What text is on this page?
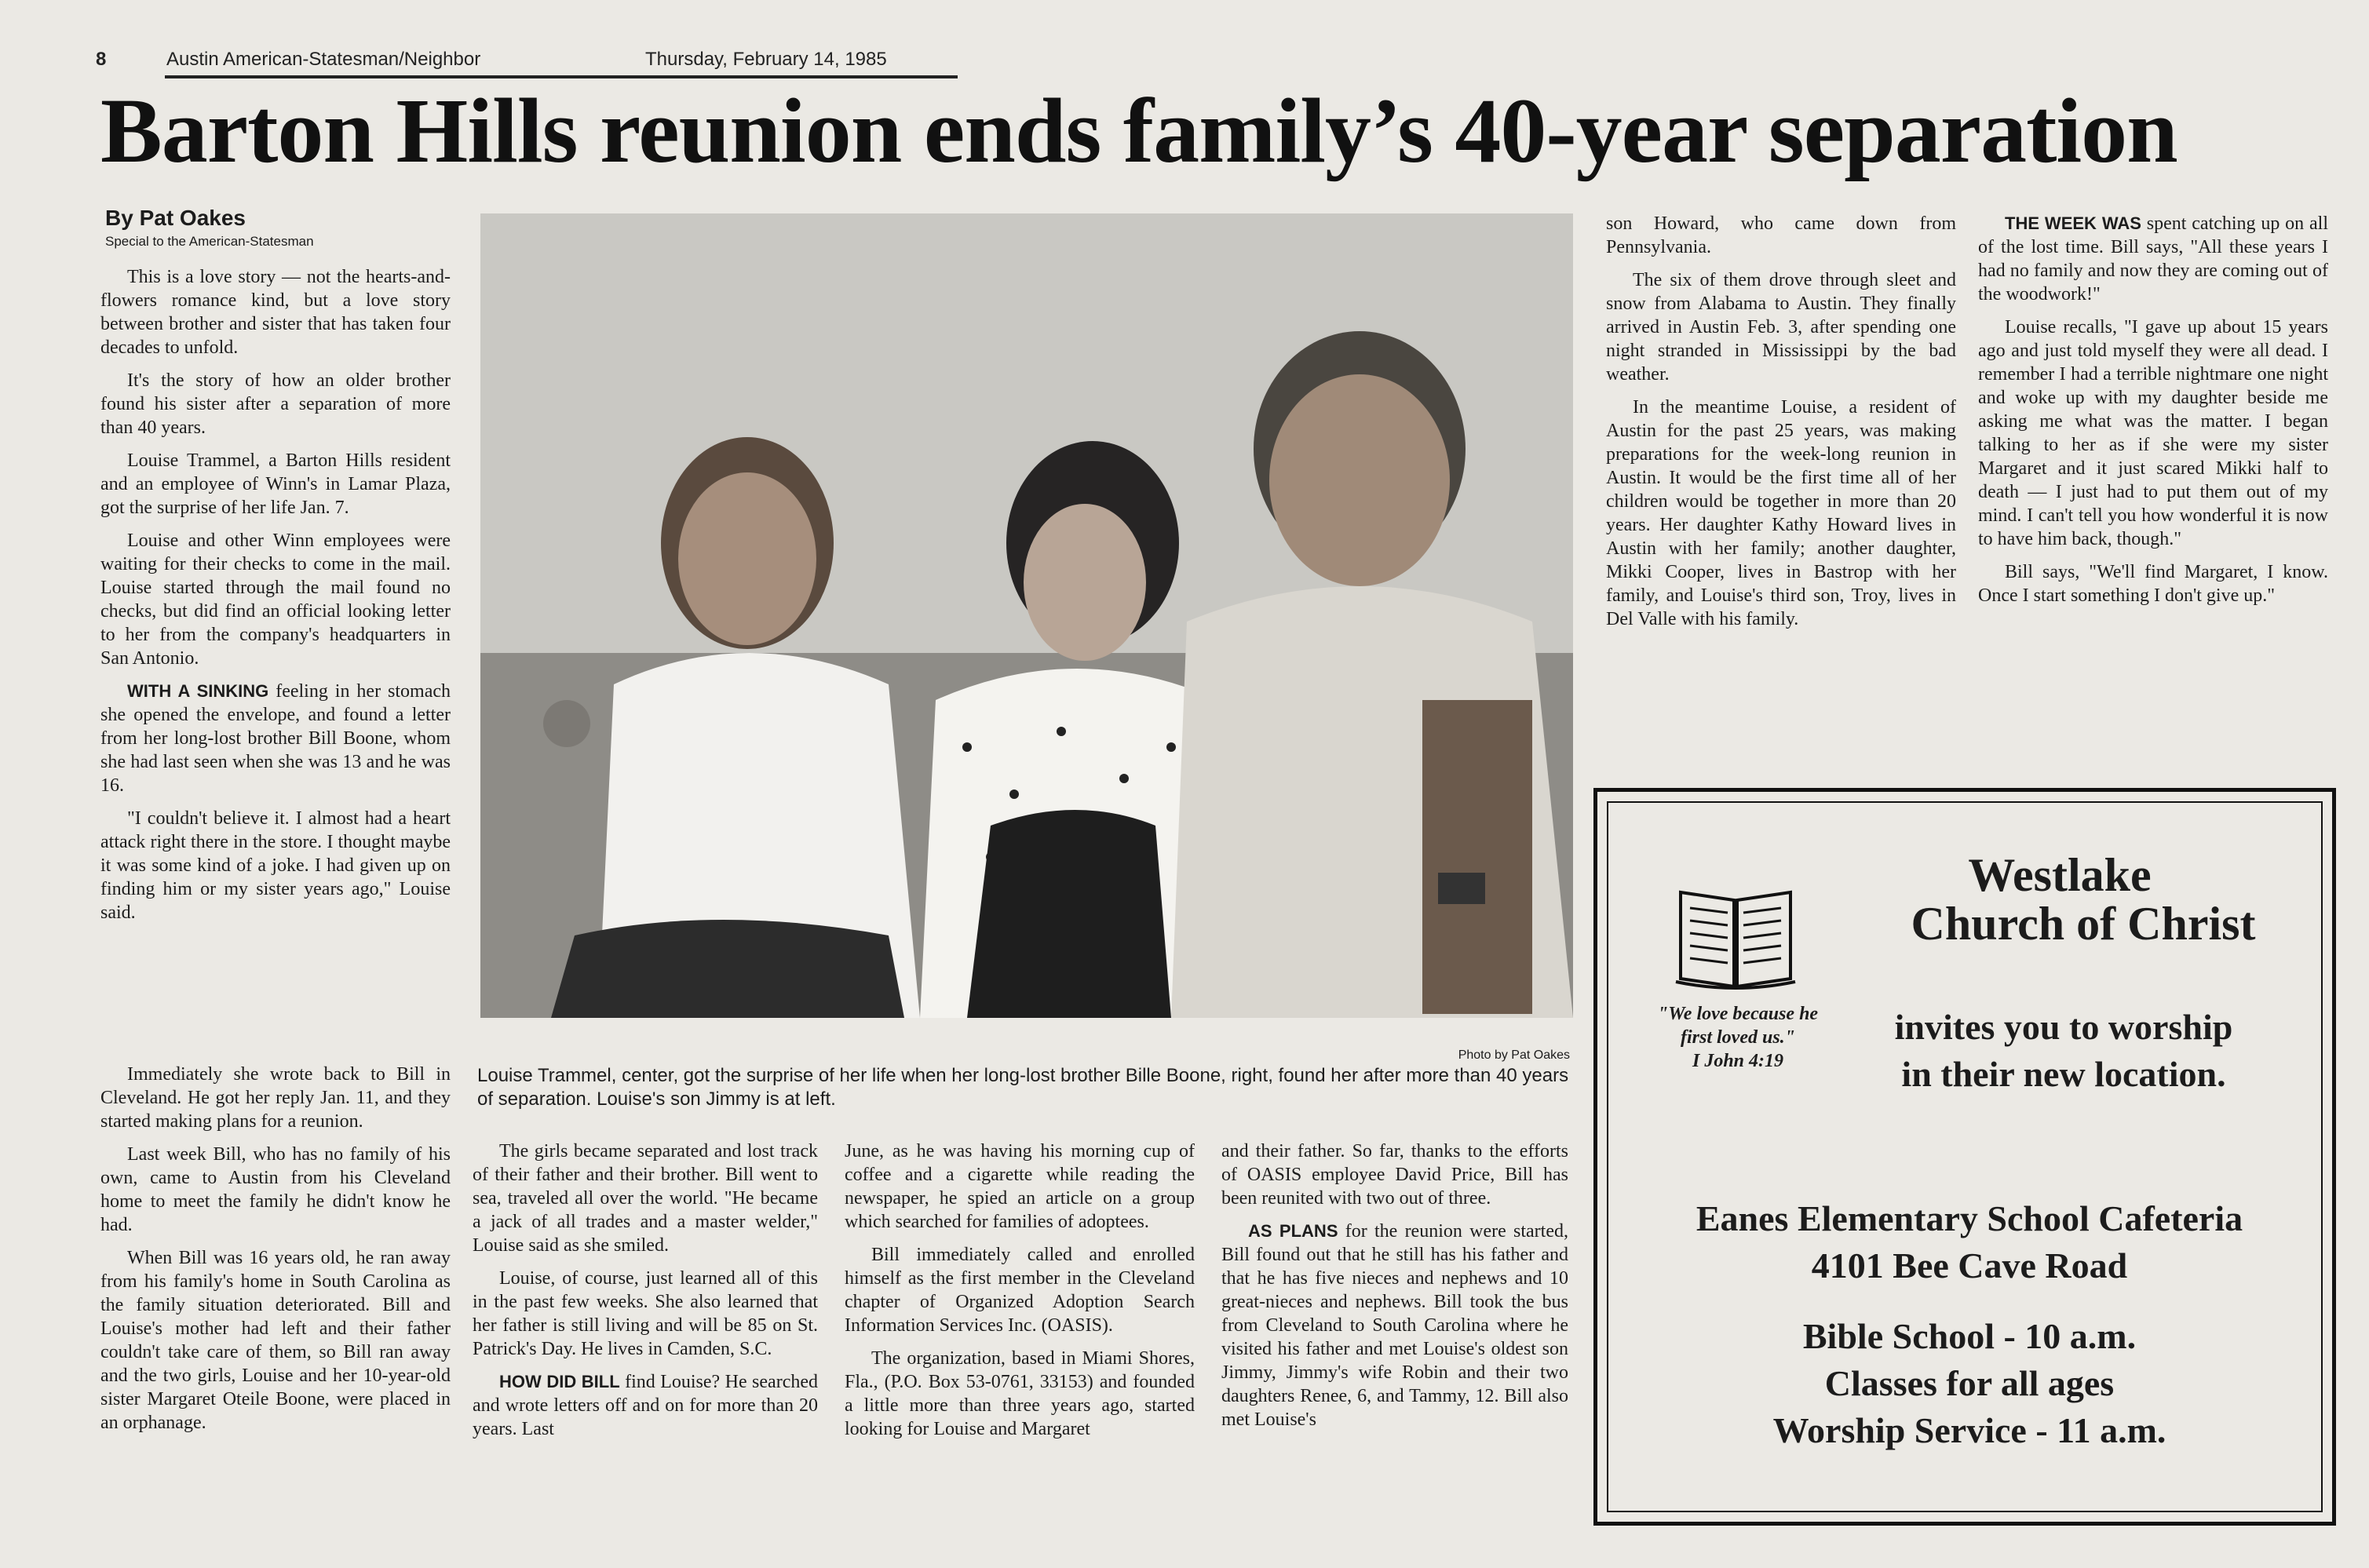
8	Austin American-Statesman/Neighbor	Thursday, February 14, 1985
Barton Hills reunion ends family’s 40-year separation
By Pat Oakes
Special to the American-Statesman

This is a love story — not the hearts-and-flowers romance kind, but a love story between brother and sister that has taken four decades to unfold.

It's the story of how an older brother found his sister after a separation of more than 40 years.

Louise Trammel, a Barton Hills resident and an employee of Winn's in Lamar Plaza, got the surprise of her life Jan. 7.

Louise and other Winn employees were waiting for their checks to come in the mail. Louise started through the mail found no checks, but did find an official looking letter to her from the company's headquarters in San Antonio.

WITH A SINKING feeling in her stomach she opened the envelope, and found a letter from her long-lost brother Bill Boone, whom she had last seen when she was 13 and he was 16.

"I couldn't believe it. I almost had a heart attack right there in the store. I thought maybe it was some kind of a joke. I had given up on finding him or my sister years ago," Louise said.

Immediately she wrote back to Bill in Cleveland. He got her reply Jan. 11, and they started making plans for a reunion.

Last week Bill, who has no family of his own, came to Austin from his Cleveland home to meet the family he didn't know he had.

When Bill was 16 years old, he ran away from his family's home in South Carolina as the family situation deteriorated. Bill and Louise's mother had left and their father couldn't take care of them, so Bill ran away and the two girls, Louise and her 10-year-old sister Margaret Oteile Boone, were placed in an orphanage.

Photo by Pat Oakes
Louise Trammel, center, got the surprise of her life when her long-lost brother Bille Boone, right, found her after more than 40 years of separation. Louise's son Jimmy is at left.

The girls became separated and lost track of their father and their brother. Bill went to sea, traveled all over the world. "He became a jack of all trades and a master welder," Louise said as she smiled.

Louise, of course, just learned all of this in the past few weeks. She also learned that her father is still living and will be 85 on St. Patrick's Day. He lives in Camden, S.C.

HOW DID BILL find Louise? He searched and wrote letters off and on for more than 20 years. Last

June, as he was having his morning cup of coffee and a cigarette while reading the newspaper, he spied an article on a group which searched for families of adoptees.

Bill immediately called and enrolled himself as the first member in the Cleveland chapter of Organized Adoption Search Information Services Inc. (OASIS).

The organization, based in Miami Shores, Fla., (P.O. Box 53-0761, 33153) and founded a little more than three years ago, started looking for Louise and Margaret

and their father. So far, thanks to the efforts of OASIS employee David Price, Bill has been reunited with two out of three.

AS PLANS for the reunion were started, Bill found out that he still has his father and that he has five nieces and nephews and 10 great-nieces and nephews. Bill took the bus from Cleveland to South Carolina where he visited his father and met Louise's oldest son Jimmy, Jimmy's wife Robin and their two daughters Renee, 6, and Tammy, 12. Bill also met Louise's

son Howard, who came down from Pennsylvania.

The six of them drove through sleet and snow from Alabama to Austin. They finally arrived in Austin Feb. 3, after spending one night stranded in Mississippi by the bad weather.

In the meantime Louise, a resident of Austin for the past 25 years, was making preparations for the week-long reunion in Austin. It would be the first time all of her children would be together in more than 20 years. Her daughter Kathy Howard lives in Austin with her family; another daughter, Mikki Cooper, lives in Bastrop with her family, and Louise's third son, Troy, lives in Del Valle with his family.

THE WEEK WAS spent catching up on all of the lost time. Bill says, "All these years I had no family and now they are coming out of the woodwork!"

Louise recalls, "I gave up about 15 years ago and just told myself they were all dead. I remember I had a terrible nightmare one night and woke up with my daughter beside me asking me what was the matter. I began talking to her as if she were my sister Margaret and it just scared Mikki half to death — I just had to put them out of my mind. I can't tell you how wonderful it is now to have him back, though."

Bill says, "We'll find Margaret, I know. Once I start something I don't give up."

Westlake
Church of Christ
"We love because he
first loved us."
I John 4:19
invites you to worship
in their new location.
Eanes Elementary School Cafeteria
4101 Bee Cave Road
Bible School - 10 a.m.
Classes for all ages
Worship Service - 11 a.m.
